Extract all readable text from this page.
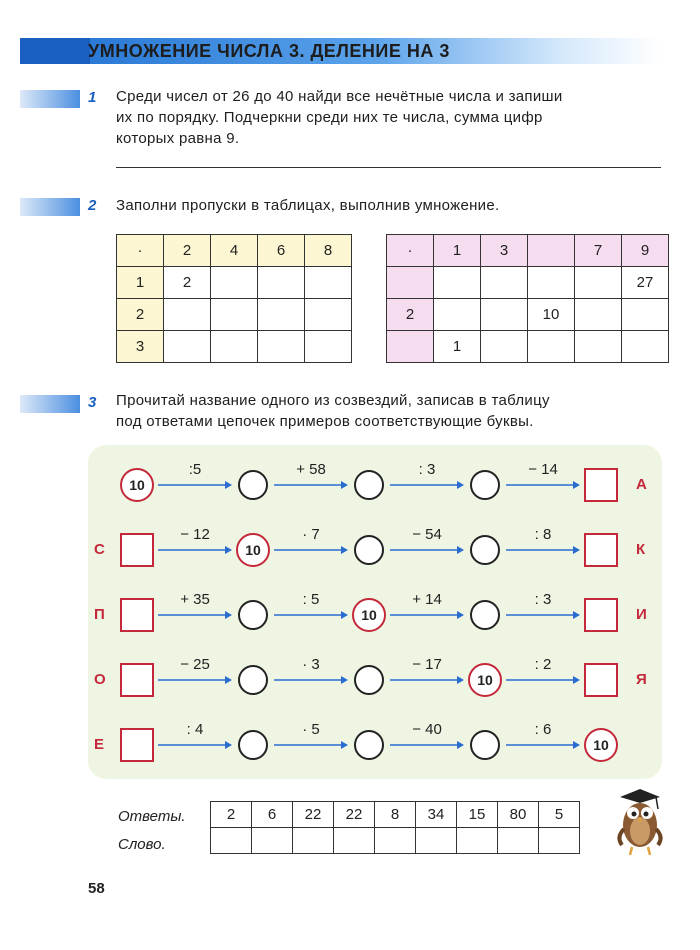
УМНОЖЕНИЕ ЧИСЛА 3. ДЕЛЕНИЕ НА 3
1 Среди чисел от 26 до 40 найди все нечётные числа и запиши
их по порядку. Подчеркни среди них те числа, сумма цифр
которых равна 9.
2 Заполни пропуски в таблицах, выполнив умножение.
·	2	4	6	8
1	2			
2				
3				
·	1	3		7	9
					27
2			10		
	1				
3 Прочитай название одного из созвездий, записав в таблицу
под ответами цепочек примеров соответствующие буквы.
А
10
:5	+ 58	: 3	− 14
С	К
10
− 12	· 7	− 54	: 8
П	И
10
+ 35	: 5	+ 14	: 3
О	Я
10
− 25	· 3	− 17	: 2
Е	10
: 4	· 5	− 40	: 6
Ответы.
Слово.
2	6	22	22	8	34	15	80	5

58
